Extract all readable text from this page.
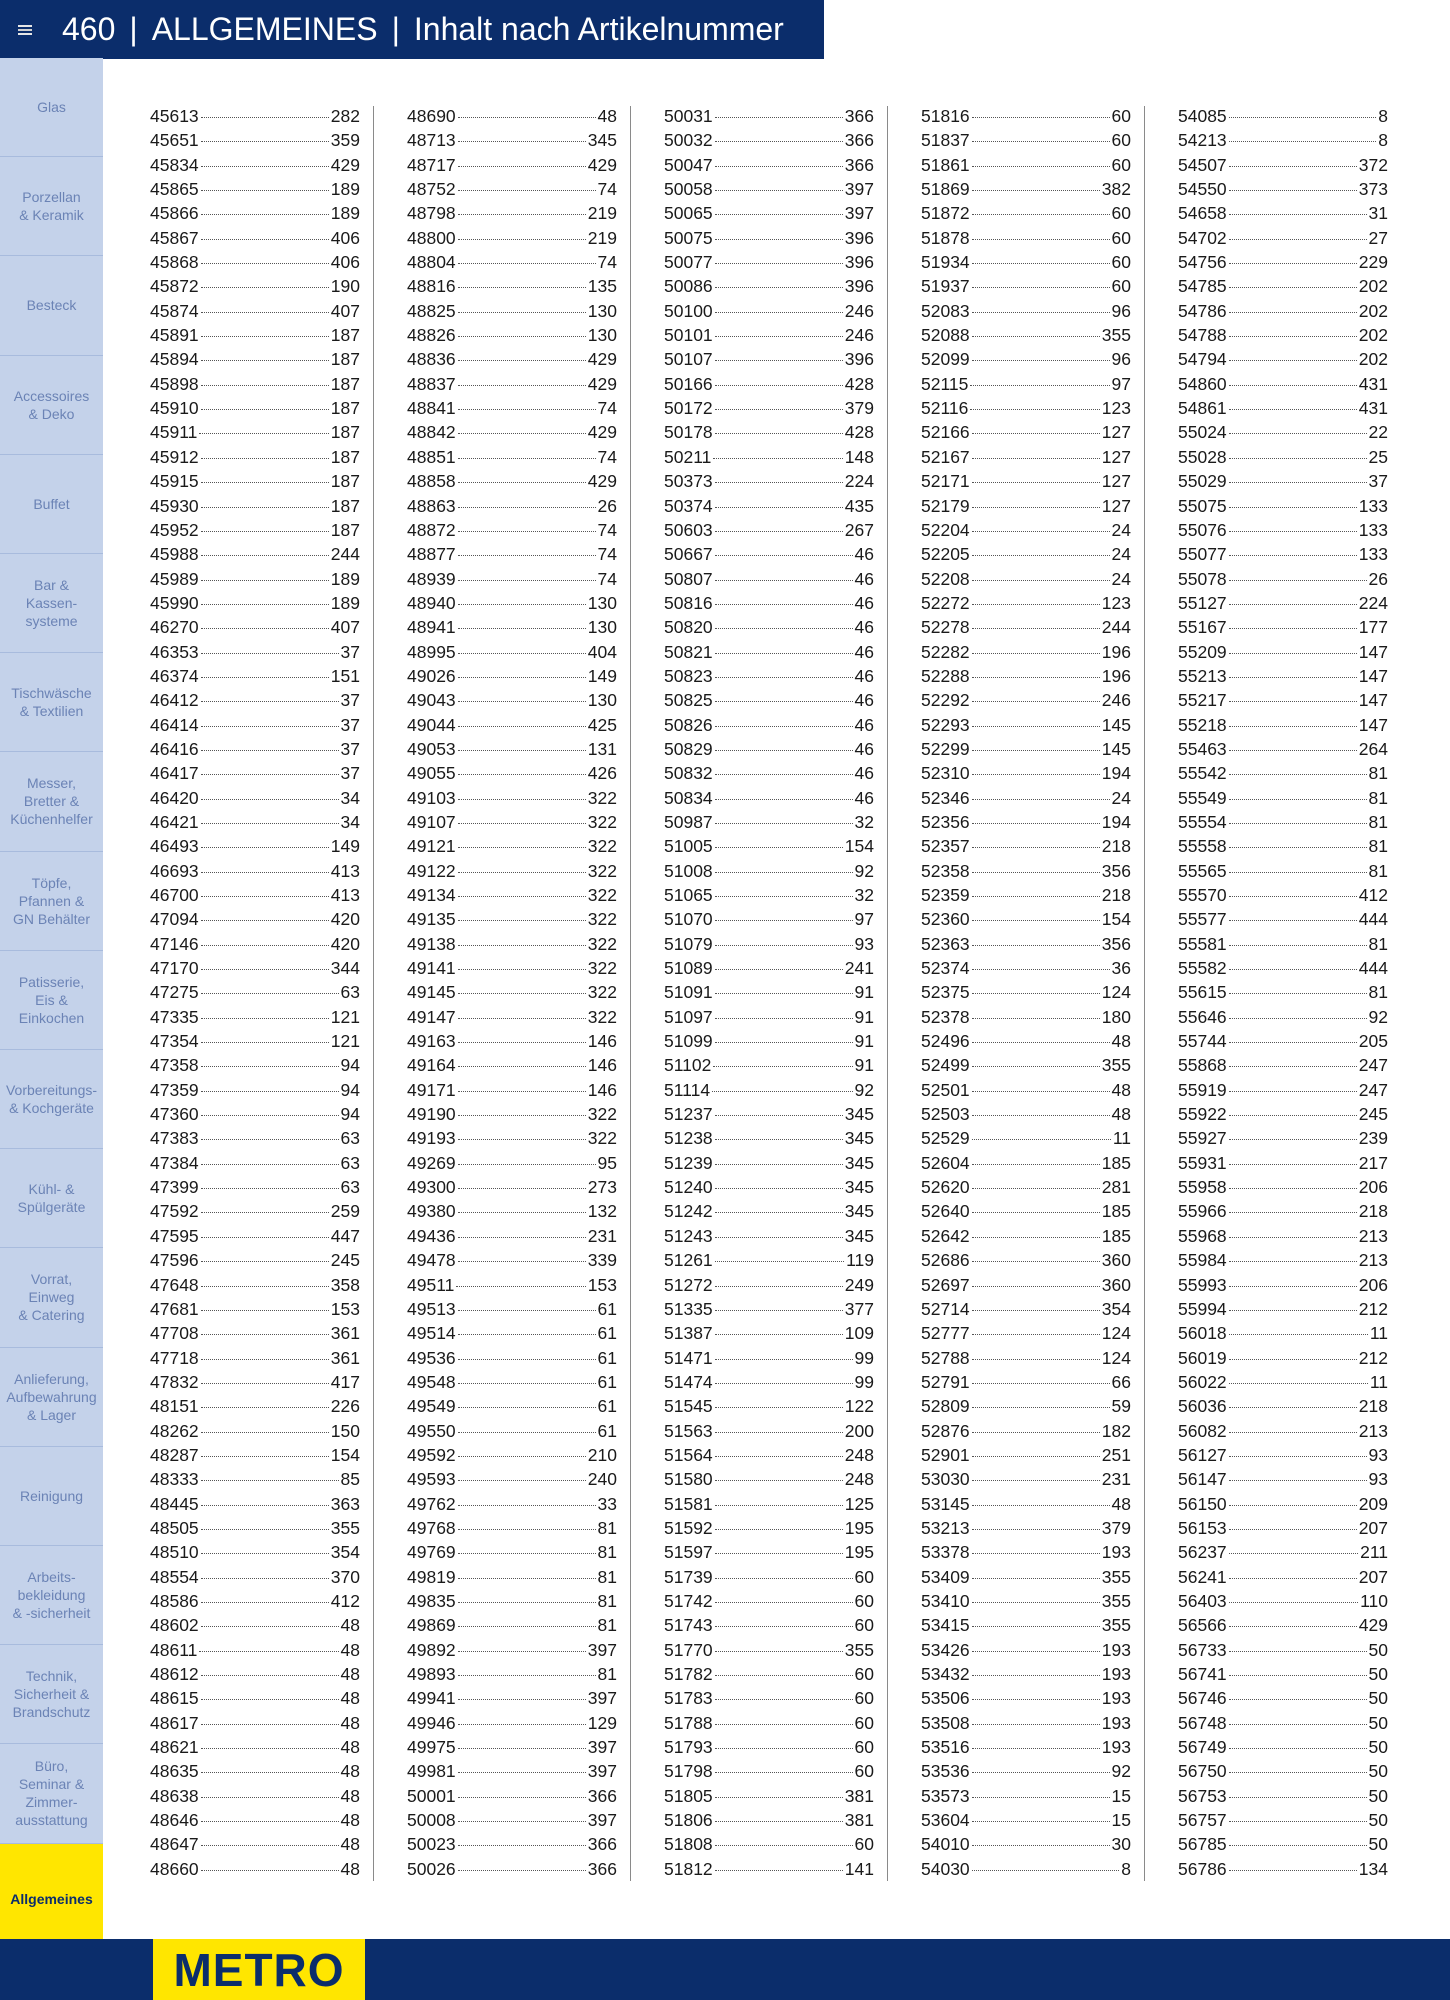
460 | ALLGEMEINES | Inhalt nach Artikelnummer
Glas
Porzellan
& Keramik
Besteck
Accessoires
& Deko
Buffet
Bar &
Kassen-
systeme
Tischwäsche
& Textilien
Messer,
Bretter &
Küchenhelfer
Töpfe,
Pfannen &
GN Behälter
Patisserie,
Eis &
Einkochen
Vorbereitungs-
& Kochgeräte
Kühl- &
Spülgeräte
Vorrat,
Einweg
& Catering
Anlieferung,
Aufbewahrung
& Lager
Reinigung
Arbeits-
bekleidung
& -sicherheit
Technik,
Sicherheit &
Brandschutz
Büro,
Seminar &
Zimmer-
ausstattung
Allgemeines
45613	282
45651	359
45834	429
45865	189
45866	189
45867	406
45868	406
45872	190
45874	407
45891	187
45894	187
45898	187
45910	187
45911	187
45912	187
45915	187
45930	187
45952	187
45988	244
45989	189
45990	189
46270	407
46353	37
46374	151
46412	37
46414	37
46416	37
46417	37
46420	34
46421	34
46493	149
46693	413
46700	413
47094	420
47146	420
47170	344
47275	63
47335	121
47354	121
47358	94
47359	94
47360	94
47383	63
47384	63
47399	63
47592	259
47595	447
47596	245
47648	358
47681	153
47708	361
47718	361
47832	417
48151	226
48262	150
48287	154
48333	85
48445	363
48505	355
48510	354
48554	370
48586	412
48602	48
48611	48
48612	48
48615	48
48617	48
48621	48
48635	48
48638	48
48646	48
48647	48
48660	48
48690	48
48713	345
48717	429
48752	74
48798	219
48800	219
48804	74
48816	135
48825	130
48826	130
48836	429
48837	429
48841	74
48842	429
48851	74
48858	429
48863	26
48872	74
48877	74
48939	74
48940	130
48941	130
48995	404
49026	149
49043	130
49044	425
49053	131
49055	426
49103	322
49107	322
49121	322
49122	322
49134	322
49135	322
49138	322
49141	322
49145	322
49147	322
49163	146
49164	146
49171	146
49190	322
49193	322
49269	95
49300	273
49380	132
49436	231
49478	339
49511	153
49513	61
49514	61
49536	61
49548	61
49549	61
49550	61
49592	210
49593	240
49762	33
49768	81
49769	81
49819	81
49835	81
49869	81
49892	397
49893	81
49941	397
49946	129
49975	397
49981	397
50001	366
50008	397
50023	366
50026	366
50031	366
50032	366
50047	366
50058	397
50065	397
50075	396
50077	396
50086	396
50100	246
50101	246
50107	396
50166	428
50172	379
50178	428
50211	148
50373	224
50374	435
50603	267
50667	46
50807	46
50816	46
50820	46
50821	46
50823	46
50825	46
50826	46
50829	46
50832	46
50834	46
50987	32
51005	154
51008	92
51065	32
51070	97
51079	93
51089	241
51091	91
51097	91
51099	91
51102	91
51114	92
51237	345
51238	345
51239	345
51240	345
51242	345
51243	345
51261	119
51272	249
51335	377
51387	109
51471	99
51474	99
51545	122
51563	200
51564	248
51580	248
51581	125
51592	195
51597	195
51739	60
51742	60
51743	60
51770	355
51782	60
51783	60
51788	60
51793	60
51798	60
51805	381
51806	381
51808	60
51812	141
51816	60
51837	60
51861	60
51869	382
51872	60
51878	60
51934	60
51937	60
52083	96
52088	355
52099	96
52115	97
52116	123
52166	127
52167	127
52171	127
52179	127
52204	24
52205	24
52208	24
52272	123
52278	244
52282	196
52288	196
52292	246
52293	145
52299	145
52310	194
52346	24
52356	194
52357	218
52358	356
52359	218
52360	154
52363	356
52374	36
52375	124
52378	180
52496	48
52499	355
52501	48
52503	48
52529	11
52604	185
52620	281
52640	185
52642	185
52686	360
52697	360
52714	354
52777	124
52788	124
52791	66
52809	59
52876	182
52901	251
53030	231
53145	48
53213	379
53378	193
53409	355
53410	355
53415	355
53426	193
53432	193
53506	193
53508	193
53516	193
53536	92
53573	15
53604	15
54010	30
54030	8
54085	8
54213	8
54507	372
54550	373
54658	31
54702	27
54756	229
54785	202
54786	202
54788	202
54794	202
54860	431
54861	431
55024	22
55028	25
55029	37
55075	133
55076	133
55077	133
55078	26
55127	224
55167	177
55209	147
55213	147
55217	147
55218	147
55463	264
55542	81
55549	81
55554	81
55558	81
55565	81
55570	412
55577	444
55581	81
55582	444
55615	81
55646	92
55744	205
55868	247
55919	247
55922	245
55927	239
55931	217
55958	206
55966	218
55968	213
55984	213
55993	206
55994	212
56018	11
56019	212
56022	11
56036	218
56082	213
56127	93
56147	93
56150	209
56153	207
56237	211
56241	207
56403	110
56566	429
56733	50
56741	50
56746	50
56748	50
56749	50
56750	50
56753	50
56757	50
56785	50
56786	134
METRO
